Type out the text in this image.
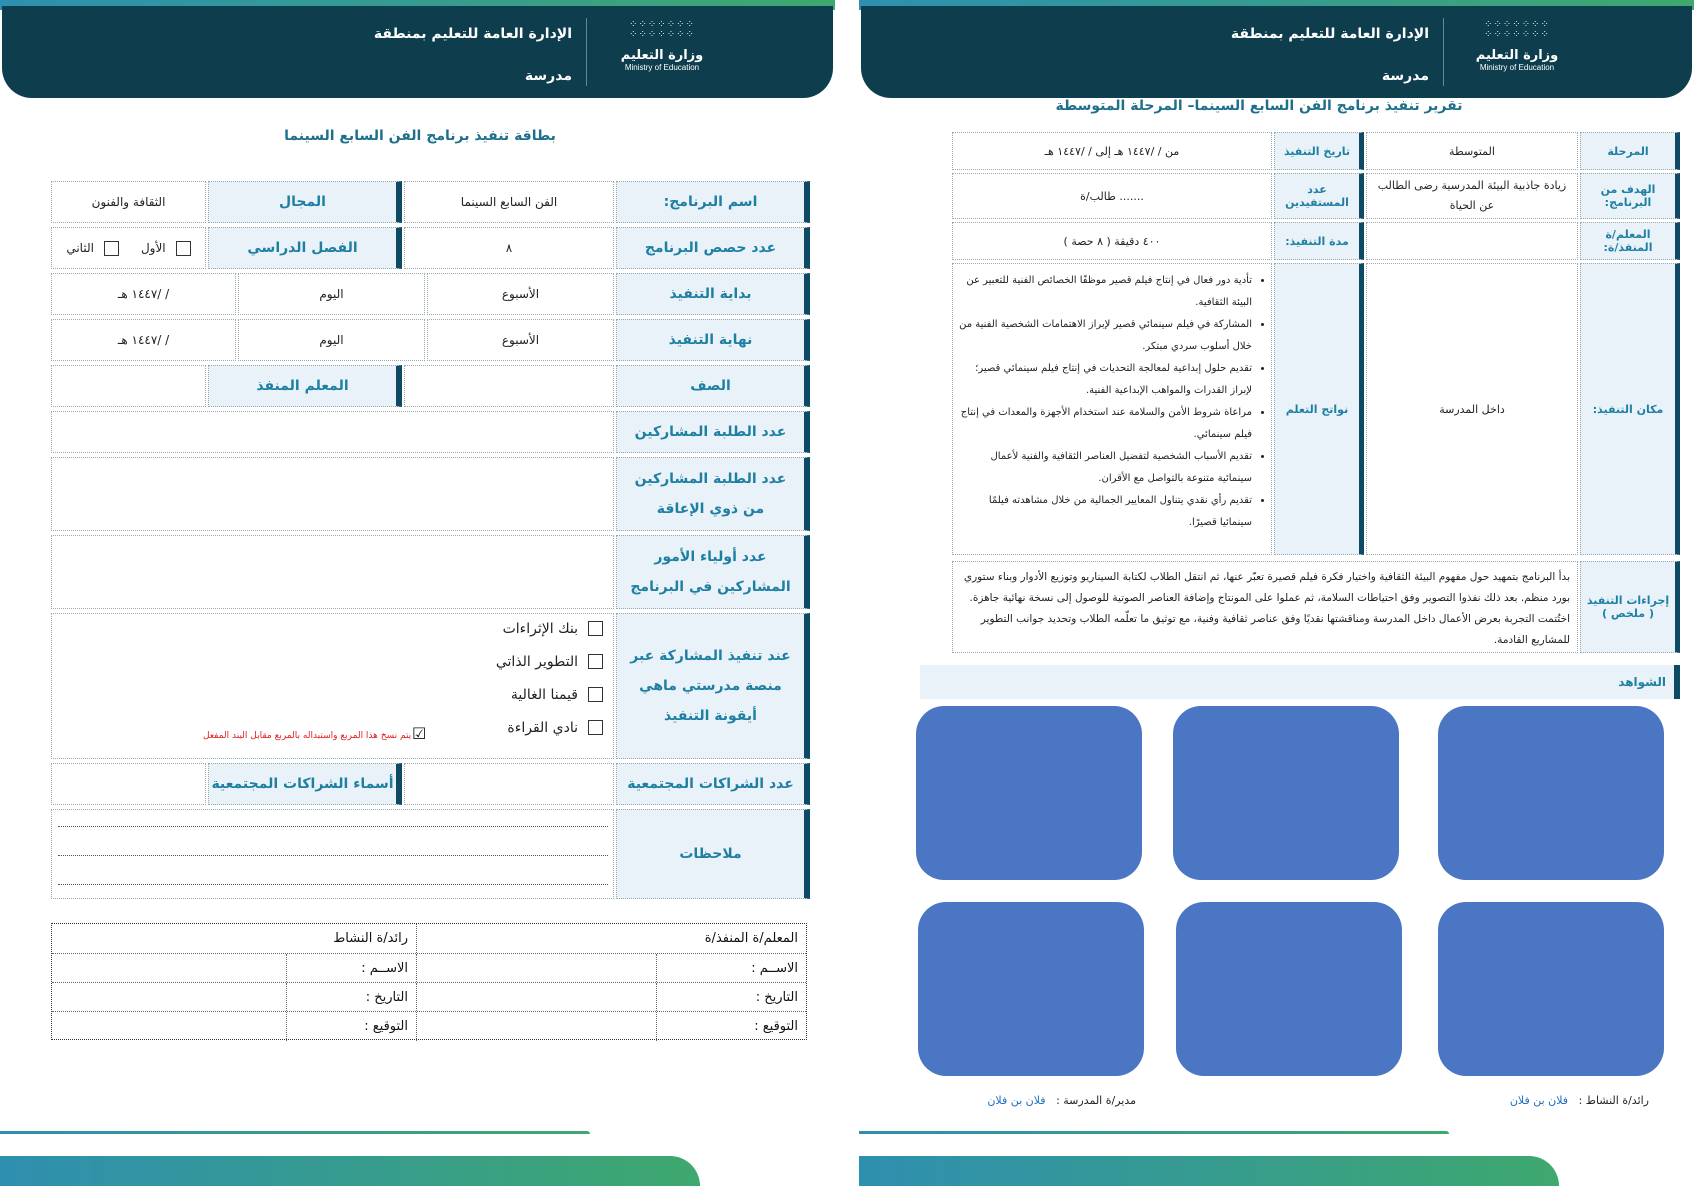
⁘⁘⁘⁘⁘⁘⁘
⁘⁘⁘⁘⁘⁘⁘
وزارة التعليم
Ministry of Education
الإدارة العامة للتعليم بمنطقة
مدرسة
بطاقة تنفيذ برنامج الفن السابع السينما
اسم البرنامج:
الفن السابع السينما
المجال
الثقافة والفنون
عدد حصص البرنامج
٨
الفصل الدراسي
الأول
الثاني
بداية التنفيذ
الأسبوع
اليوم
/ /١٤٤٧ هـ
نهاية التنفيذ
الأسبوع
اليوم
/ /١٤٤٧ هـ
الصف
المعلم المنفذ
عدد الطلبة المشاركين
عدد الطلبة المشاركين من ذوي الإعاقة
عدد أولياء الأمور المشاركين في البرنامج
عند تنفيذ المشاركة عبر منصة مدرستي ماهي أيقونة التنفيذ
بنك الإثراءات
التطوير الذاتي
قيمنا الغالية
نادي القراءة
☑
يتم نسخ هذا المربع واستبداله بالمربع مقابل البند المفعل
عدد الشراكات المجتمعية
أسماء الشراكات المجتمعية
ملاحظات
المعلم/ة المنفذ/ة
رائد/ة النشاط
الاســم :
الاســم :
التاريخ :
التاريخ :
التوقيع :
التوقيع :
⁘⁘⁘⁘⁘⁘⁘
⁘⁘⁘⁘⁘⁘⁘
وزارة التعليم
Ministry of Education
الإدارة العامة للتعليم بمنطقة
مدرسة
تقرير تنفيذ برنامج الفن السابع السينما– المرحلة المتوسطة
المرحلة
المتوسطة
تاريخ التنفيذ
من / /١٤٤٧ هـ إلى / /١٤٤٧ هـ
الهدف من البرنامج:
زيادة جاذبية البيئة المدرسية رضى الطالب عن الحياة
عدد المستفيدين
....... طالب/ة
المعلم/ة المنفذ/ة:
مدة التنفيذ:
٤٠٠ دقيقة ( ٨ حصة )
مكان التنفيذ:
داخل المدرسة
نواتج التعلم
• تأدية دور فعال في إنتاج فيلم قصير موظفًا الخصائص الفنية للتعبير عن البيئة الثقافية.
• المشاركة في فيلم سينمائي قصير لإبراز الاهتمامات الشخصية الفنية من خلال أسلوب سردي مبتكر.
• تقديم حلول إبداعية لمعالجة التحديات في إنتاج فيلم سينمائي قصير؛ لإبراز القدرات والمواهب الإبداعية الفنية.
• مراعاة شروط الأمن والسلامة عند استخدام الأجهزة والمعدات في إنتاج فيلم سينمائي.
• تقديم الأسباب الشخصية لتفضيل العناصر الثقافية والفنية لأعمال سينمائية متنوعة بالتواصل مع الأقران.
• تقديم رأي نقدي يتناول المعايير الجمالية من خلال مشاهدته فيلمًا سينمائيا قصيرًا.
إجراءات التنفيذ ( ملخص )
بدأ البرنامج بتمهيد حول مفهوم البيئة الثقافية واختيار فكرة فيلم قصيرة تعبّر عنها، ثم انتقل الطلاب لكتابة السيناريو وتوزيع الأدوار وبناء ستوري بورد منظم. بعد ذلك نفذوا التصوير وفق احتياطات السلامة، ثم عملوا على المونتاج وإضافة العناصر الصوتية للوصول إلى نسخة نهائية جاهزة. اختُتمت التجربة بعرض الأعمال داخل المدرسة ومناقشتها نقديًا وفق عناصر ثقافية وفنية، مع توثيق ما تعلّمه الطلاب وتحديد جوانب التطوير للمشاريع القادمة.
الشواهد
رائد/ة النشاط :   فلان بن فلان
مدير/ة المدرسة :   فلان بن فلان
